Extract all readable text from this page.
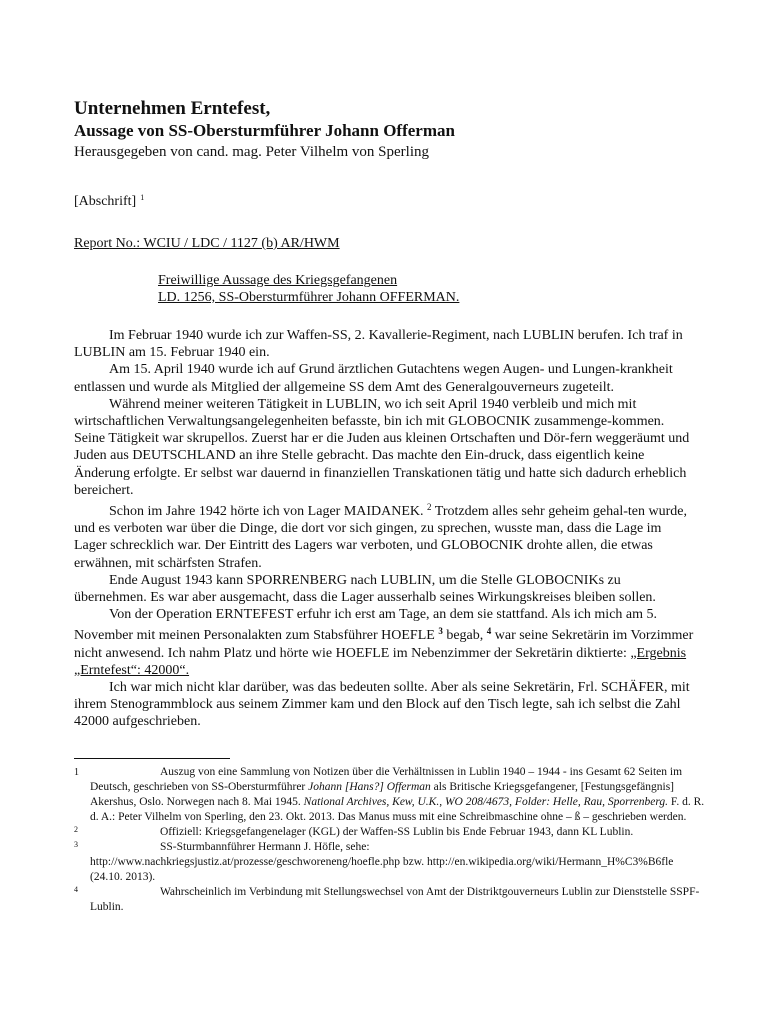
Unternehmen Erntefest,
Aussage von SS-Obersturmführer Johann Offerman
Herausgegeben von cand. mag. Peter Vilhelm von Sperling
[Abschrift] $^1$
Report No.: WCIU / LDC / 1127 (b) AR/HWM
Freiwillige Aussage des Kriegsgefangenen
LD. 1256, SS-Obersturmführer Johann OFFERMAN.

Im Februar 1940 wurde ich zur Waffen-SS, 2. Kavallerie-Regiment, nach LUBLIN berufen. Ich traf in LUBLIN am 15. Februar 1940 ein.

Am 15. April 1940 wurde ich auf Grund ärztlichen Gutachtens wegen Augen- und Lungen-krankheit entlassen und wurde als Mitglied der allgemeine SS dem Amt des Generalgouverneurs zugeteilt.

Während meiner weiteren Tätigkeit in LUBLIN, wo ich seit April 1940 verbleib und mich mit wirtschaftlichen Verwaltungsangelegenheiten befasste, bin ich mit GLOBOCNIK zusammenge-kommen. Seine Tätigkeit war skrupellos. Zuerst har er die Juden aus kleinen Ortschaften und Dör-fern weggeräumt und Juden aus DEUTSCHLAND an ihre Stelle gebracht. Das machte den Ein-druck, dass eigentlich keine Änderung erfolgte. Er selbst war dauernd in finanziellen Transkationen tätig und hatte sich dadurch erheblich bereichert.

Schon im Jahre 1942 hörte ich von Lager MAIDANEK. $^2$ Trotzdem alles sehr geheim gehal-ten wurde, und es verboten war über die Dinge, die dort vor sich gingen, zu sprechen, wusste man, dass die Lage im Lager schrecklich war. Der Eintritt des Lagers war verboten, und GLOBOCNIK drohte allen, die etwas erwähnen, mit schärfsten Strafen.

Ende August 1943 kann SPORRENBERG nach LUBLIN, um die Stelle GLOBOCNIKs zu übernehmen. Es war aber ausgemacht, dass die Lager ausserhalb seines Wirkungskreises bleiben sollen.

Von der Operation ERNTEFEST erfuhr ich erst am Tage, an dem sie stattfand. Als ich mich am 5. November mit meinen Personalakten zum Stabsführer HOEFLE $^3$ begab, $^4$ war seine Sekretärin im Vorzimmer nicht anwesend. Ich nahm Platz und hörte wie HOEFLE im Nebenzimmer der Sekretärin diktierte: „Ergebnis „Erntefest“: 42000“.

Ich war mich nicht klar darüber, was das bedeuten sollte. Aber als seine Sekretärin, Frl. SCHÄFER, mit ihrem Stenogrammblock aus seinem Zimmer kam und den Block auf den Tisch legte, sah ich selbst die Zahl 42000 aufgeschrieben.

1	Auszug von eine Sammlung von Notizen über die Verhältnissen in Lublin 1940 – 1944 - ins Gesamt 62 Seiten im Deutsch, geschrieben von SS-Obersturmführer Johann [Hans?] Offerman als Britische Kriegsgefangener, [Festungsgefängnis] Akershus, Oslo. Norwegen nach 8. Mai 1945. National Archives, Kew, U.K., WO 208/4673, Folder: Helle, Rau, Sporrenberg. F. d. R. d. A.: Peter Vilhelm von Sperling, den 23. Okt. 2013. Das Manus muss mit eine Schreibmaschine ohne – ß – geschrieben werden.
2	Offiziell: Kriegsgefangenelager (KGL) der Waffen-SS Lublin bis Ende Februar 1943, dann KL Lublin.
3	SS-Sturmbannführer Hermann J. Höfle, sehe:
http://www.nachkriegsjustiz.at/prozesse/geschworeneng/hoefle.php bzw. http://en.wikipedia.org/wiki/Hermann_H%C3%B6fle (24.10. 2013).
4	Wahrscheinlich im Verbindung mit Stellungswechsel von Amt der Distriktgouverneurs Lublin zur Dienststelle SSPF-Lublin.
